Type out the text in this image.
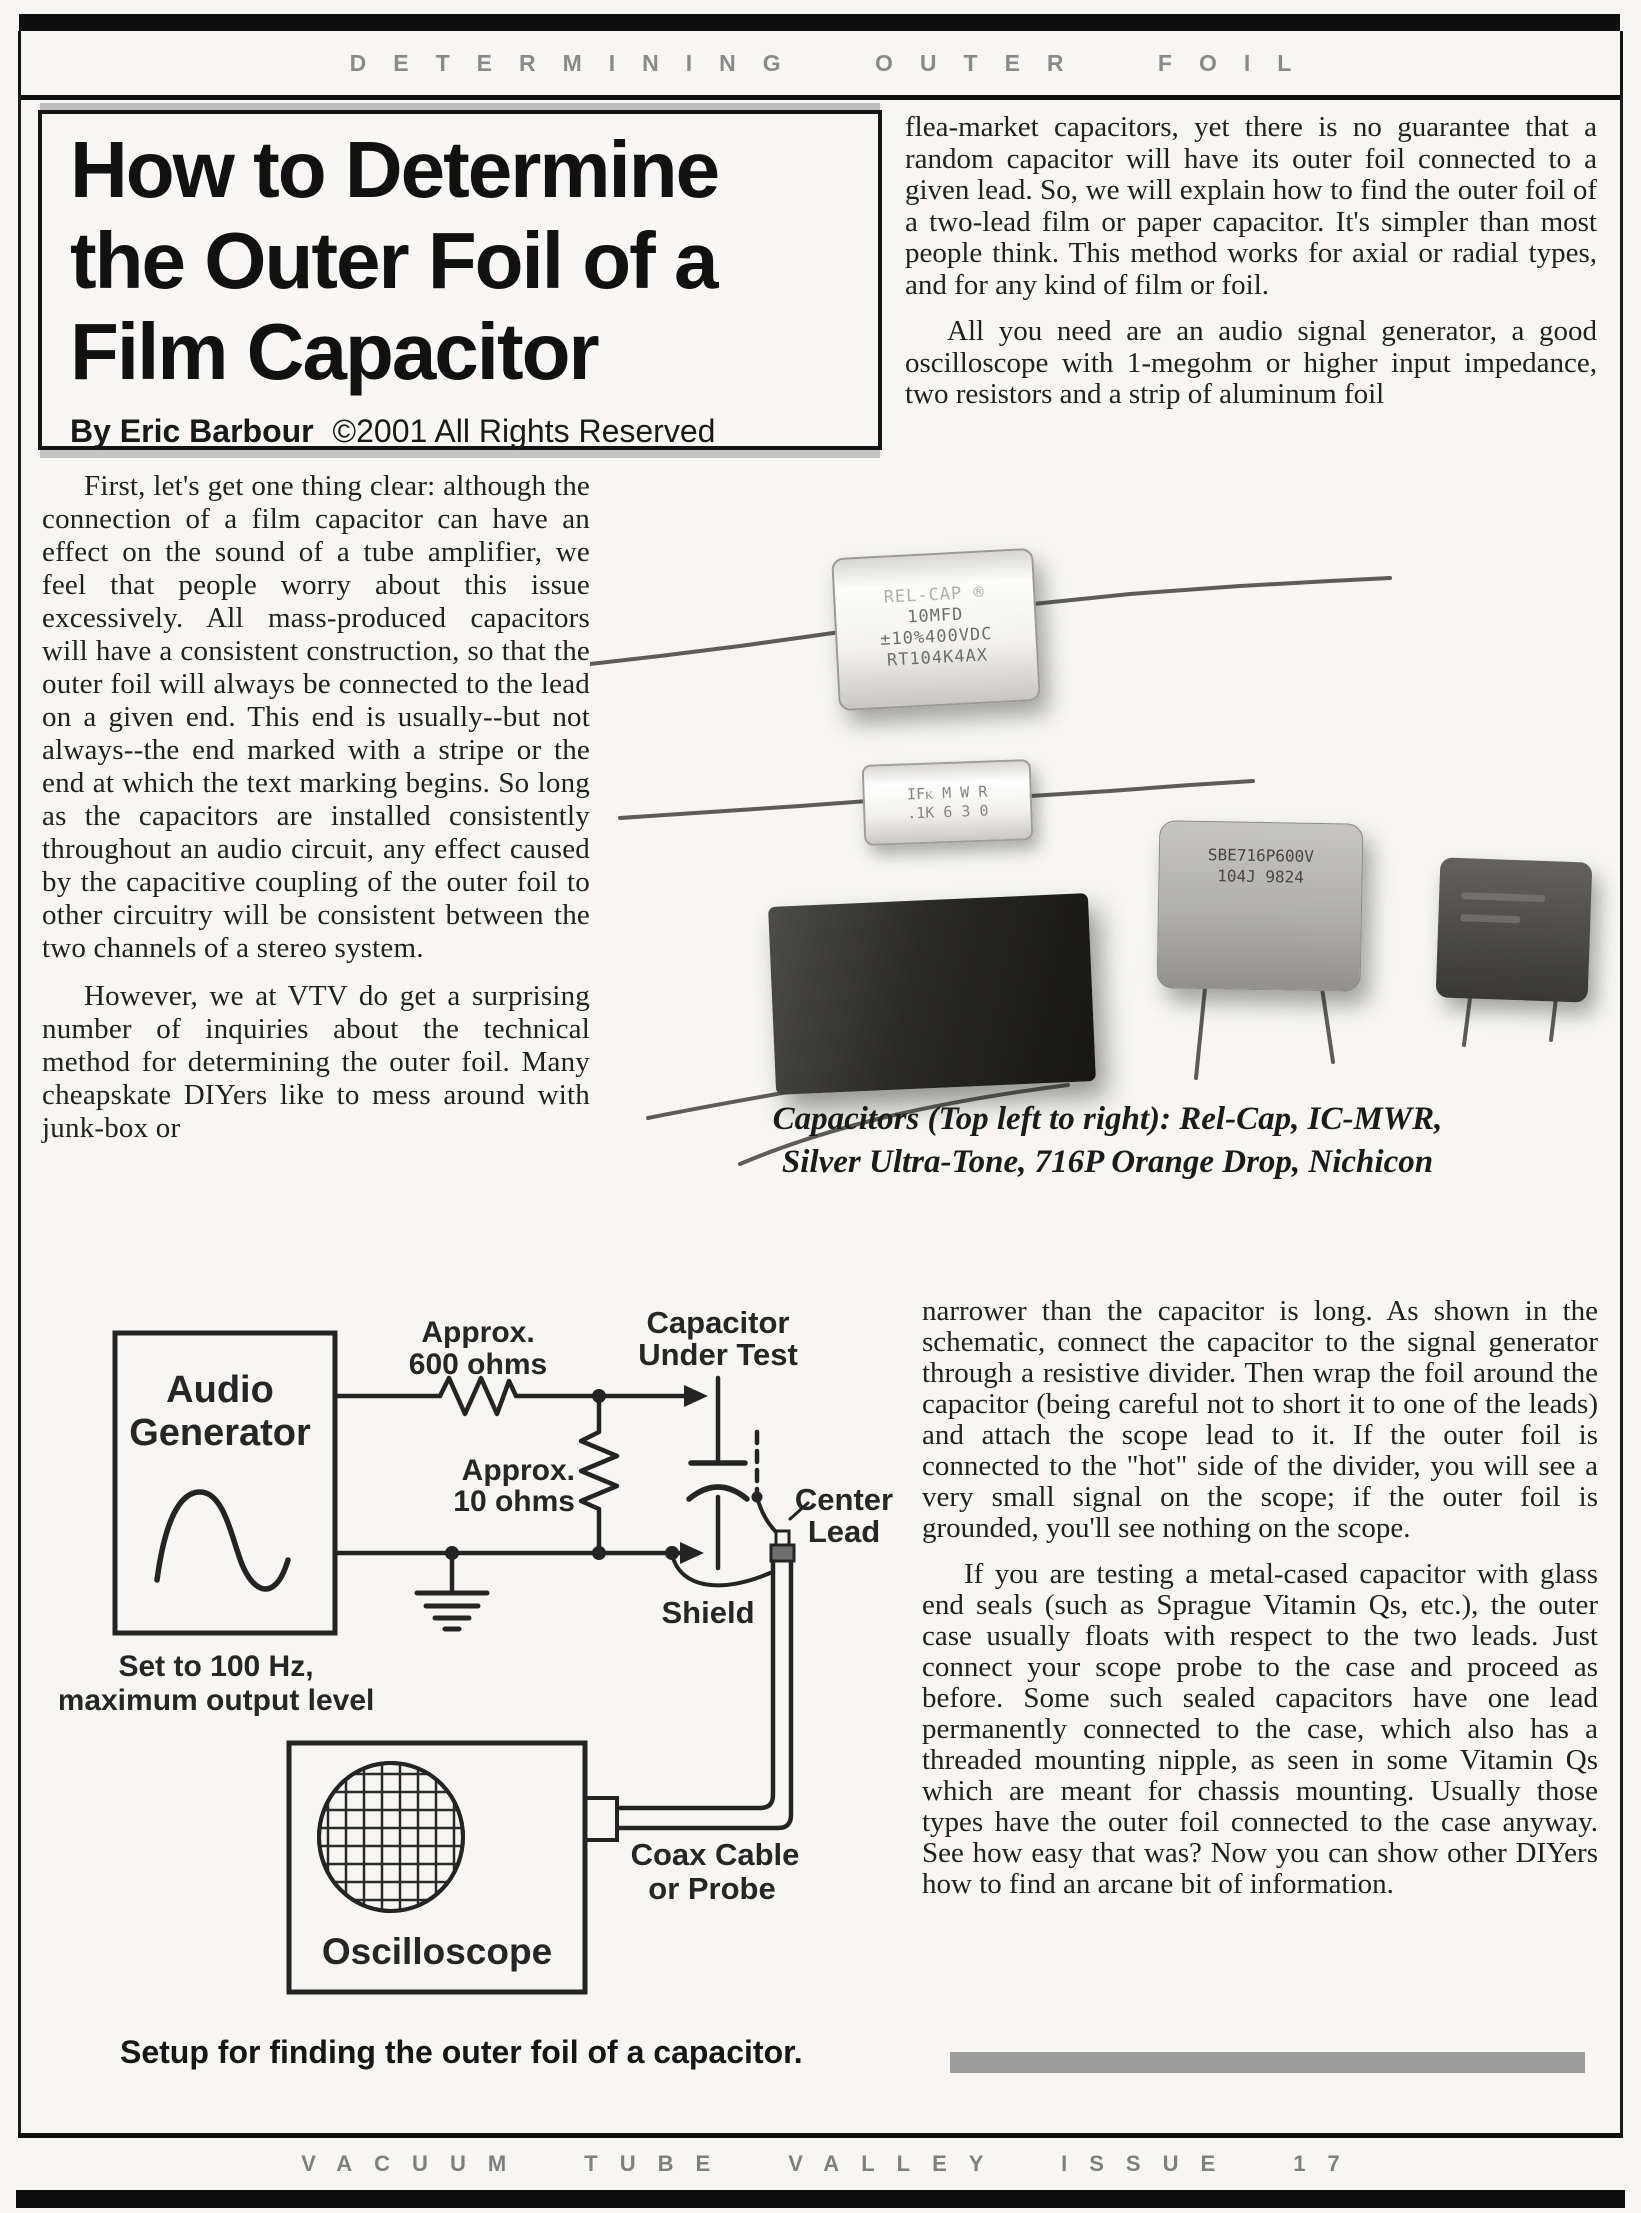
DETERMINING OUTER FOIL
How to Determine
the Outer Foil of a
Film Capacitor
By Eric Barbour ©2001 All Rights Reserved

First, let's get one thing clear: although the connection of a film capacitor can have an effect on the sound of a tube amplifier, we feel that people worry about this issue excessively. All mass-produced capacitors will have a consistent construction, so that the outer foil will always be connected to the lead on a given end. This end is usually--but not always--the end marked with a stripe or the end at which the text marking begins. So long as the capacitors are installed consistently throughout an audio circuit, any effect caused by the capacitive coupling of the outer foil to other circuitry will be consistent between the two channels of a stereo system.

However, we at VTV do get a surprising number of inquiries about the technical method for determining the outer foil. Many cheapskate DIYers like to mess around with junk-box or

flea-market capacitors, yet there is no guarantee that a random capacitor will have its outer foil connected to a given lead. So, we will explain how to find the outer foil of a two-lead film or paper capacitor. It's simpler than most people think. This method works for axial or radial types, and for any kind of film or foil.

All you need are an audio signal generator, a good oscilloscope with 1-megohm or higher input impedance, two resistors and a strip of aluminum foil

narrower than the capacitor is long. As shown in the schematic, connect the capacitor to the signal generator through a resistive divider. Then wrap the foil around the capacitor (being careful not to short it to one of the leads) and attach the scope lead to it. If the outer foil is connected to the "hot" side of the divider, you will see a very small signal on the scope; if the outer foil is grounded, you'll see nothing on the scope.

If you are testing a metal-cased capacitor with glass end seals (such as Sprague Vitamin Qs, etc.), the outer case usually floats with respect to the two leads. Just connect your scope probe to the case and proceed as before. Some such sealed capacitors have one lead permanently connected to the case, which also has a threaded mounting nipple, as seen in some Vitamin Qs which are meant for chassis mounting. Usually those types have the outer foil connected to the case anyway. See how easy that was? Now you can show other DIYers how to find an arcane bit of information.

REL-CAP ®
10MFD
±10%400VDC
RT104K4AX
IFᴋ M W R
.1K 6 3 0
SBE716P600V
104J 9824
Capacitors (Top left to right): Rel-Cap, IC-MWR,
Silver Ultra-Tone, 716P Orange Drop, Nichicon
Audio
Generator
Set to 100 Hz,
maximum output level
Oscilloscope
Approx.
600 ohms
Approx.
10 ohms
Capacitor
Under Test
Center
Lead
Shield
Coax Cable
or Probe
Setup for finding the outer foil of a capacitor.
VACUUM TUBE VALLEY ISSUE 17
